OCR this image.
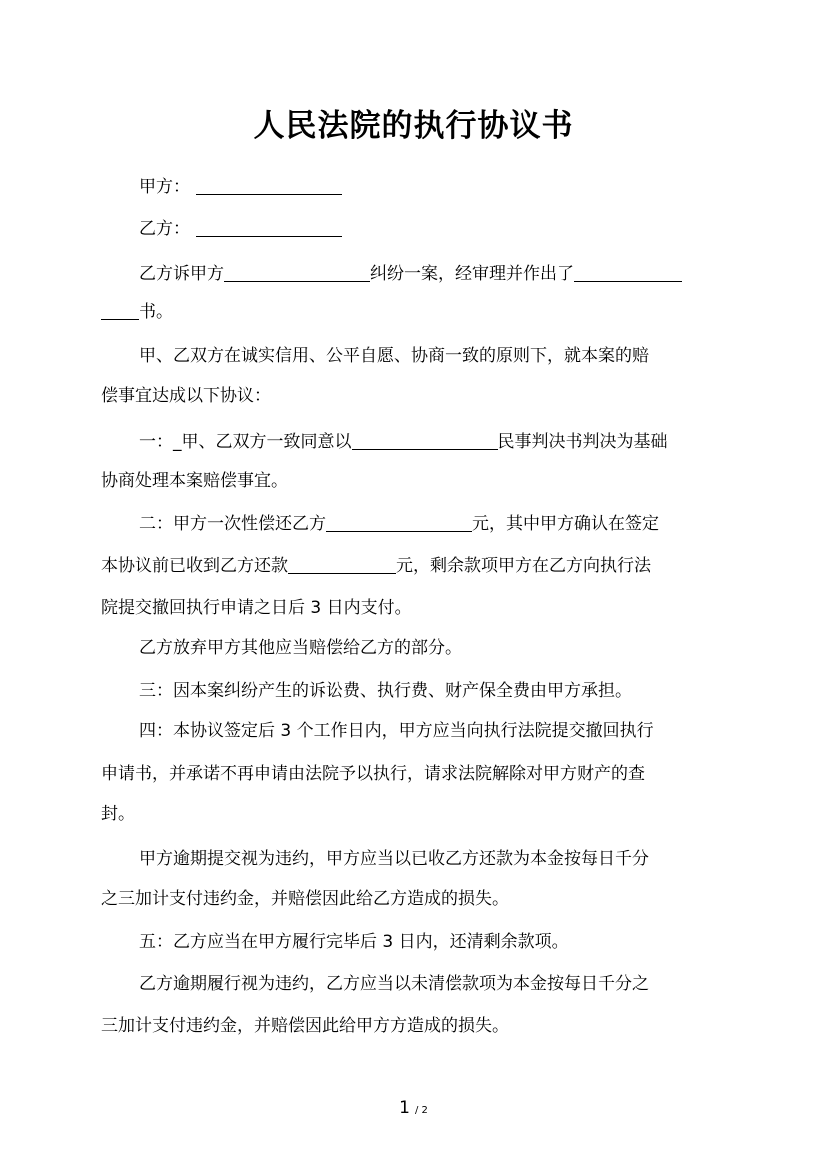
人民法院的执行协议书
甲方：
乙方：
乙方诉甲方	纠纷一案，经审理并作出了
书。
甲、乙双方在诚实信用、公平自愿、协商一致的原则下，就本案的赔
偿事宜达成以下协议：
一：_甲、乙双方一致同意以	民事判决书判决为基础
协商处理本案赔偿事宜。
二：甲方一次性偿还乙方	元，其中甲方确认在签定
本协议前已收到乙方还款	元，剩余款项甲方在乙方向执行法
院提交撤回执行申请之日后 3 日内支付。
乙方放弃甲方其他应当赔偿给乙方的部分。
三：因本案纠纷产生的诉讼费、执行费、财产保全费由甲方承担。
四：本协议签定后 3 个工作日内，甲方应当向执行法院提交撤回执行
申请书，并承诺不再申请由法院予以执行，请求法院解除对甲方财产的查
封。
甲方逾期提交视为违约，甲方应当以已收乙方还款为本金按每日千分
之三加计支付违约金，并赔偿因此给乙方造成的损失。
五：乙方应当在甲方履行完毕后 3 日内，还清剩余款项。
乙方逾期履行视为违约，乙方应当以未清偿款项为本金按每日千分之
三加计支付违约金，并赔偿因此给甲方方造成的损失。
1 / 2
